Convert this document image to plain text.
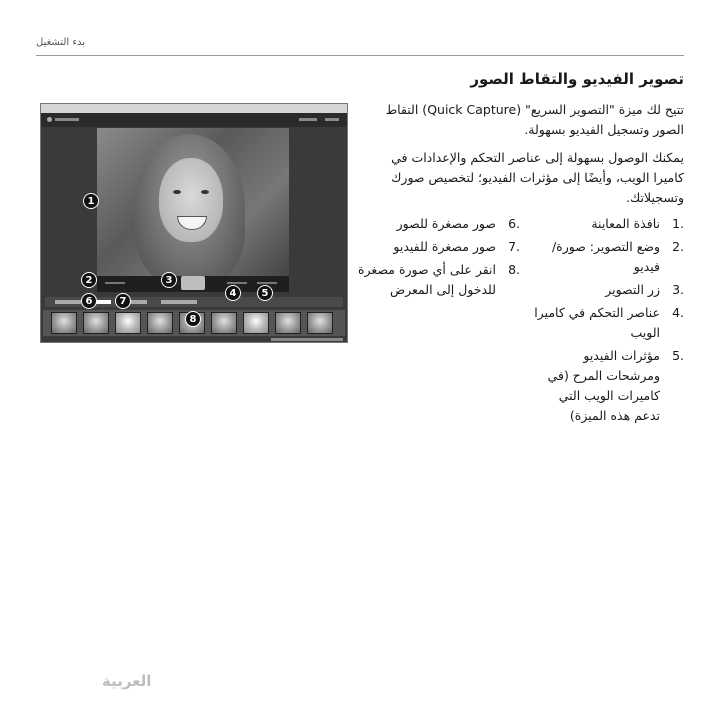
بدء التشغيل
تصوير الفيديو والتقاط الصور

تتيح لك ميزة "التصوير السريع" (Quick Capture) التقاط الصور وتسجيل الفيديو بسهولة.

يمكنك الوصول بسهولة إلى عناصر التحكم والإعدادات في كاميرا الويب، وأيضًا إلى مؤثرات الفيديو؛ لتخصيص صورك وتسجيلاتك.

1.
نافذة المعاينة
2.
وضع التصوير: صورة/ فيديو
3.
زر التصوير
4.
عناصر التحكم في كاميرا الويب
5.
مؤثرات الفيديو ومرشحات المرح (في كاميرات الويب التي تدعم هذه الميزة)
6.
صور مصغرة للصور
7.
صور مصغرة للفيديو
8.
انقر على أي صورة مصغرة للدخول إلى المعرض
1
2	3
4	5
6	7
8
العربية
